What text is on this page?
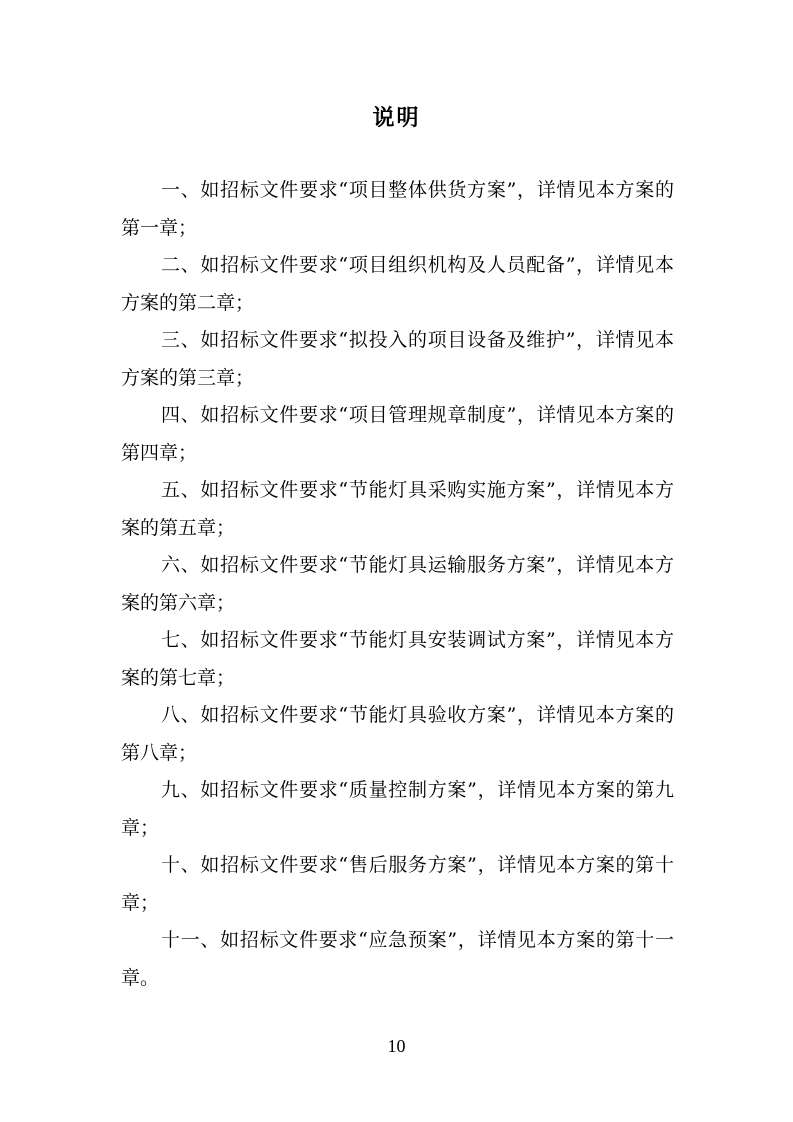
说明

一、如招标文件要求“项目整体供货方案”，详情见本方案的第一章；

二、如招标文件要求“项目组织机构及人员配备”，详情见本方案的第二章；

三、如招标文件要求“拟投入的项目设备及维护”，详情见本方案的第三章；

四、如招标文件要求“项目管理规章制度”，详情见本方案的第四章；

五、如招标文件要求“节能灯具采购实施方案”，详情见本方案的第五章；

六、如招标文件要求“节能灯具运输服务方案”，详情见本方案的第六章；

七、如招标文件要求“节能灯具安装调试方案”，详情见本方案的第七章；

八、如招标文件要求“节能灯具验收方案”，详情见本方案的第八章；

九、如招标文件要求“质量控制方案”，详情见本方案的第九章；

十、如招标文件要求“售后服务方案”，详情见本方案的第十章；

十一、如招标文件要求“应急预案”，详情见本方案的第十一章。

10
